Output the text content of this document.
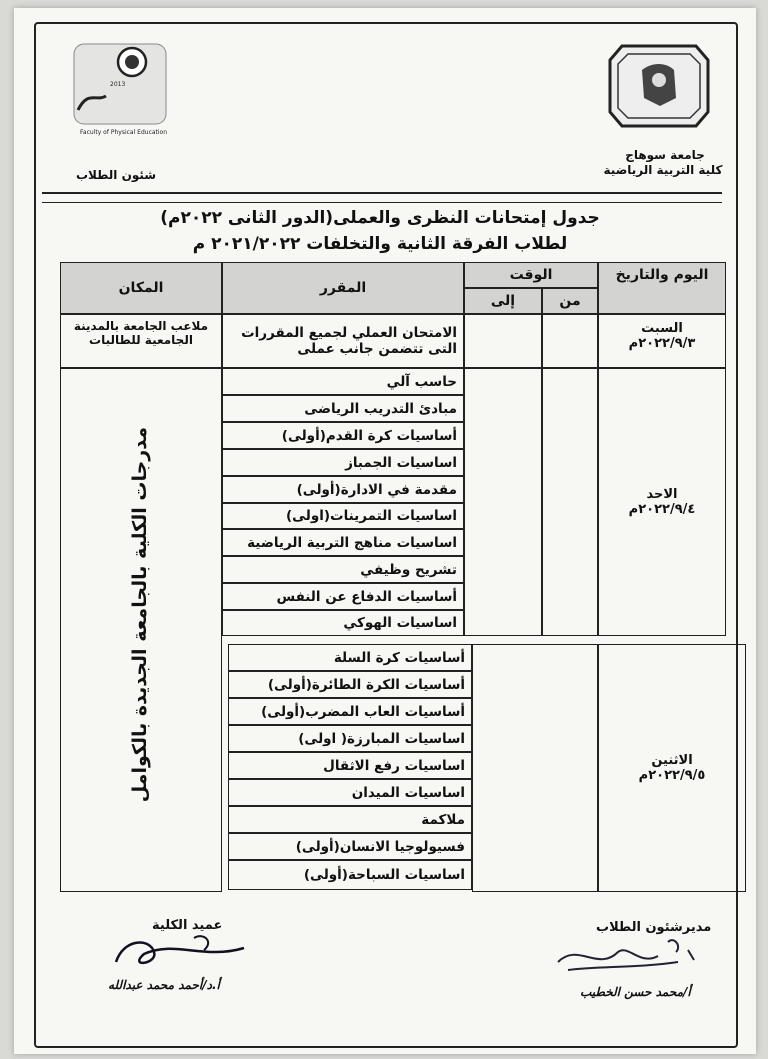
Faculty of Physical Education
2013
جامعة سوهاج
كلية التربية الرياضية
شئون الطلاب
جدول إمتحانات النظرى والعملى(الدور الثانى ٢٠٢٢م)
لطلاب الفرقة الثانية والتخلفات ٢٠٢١/٢٠٢٢ م
اليوم والتاريخ
الوقت
من
إلى
المقرر
المكان
السبت
٢٠٢٢/٩/٣م
الامتحان العملي لجميع المقررات
التى تتضمن جانب عملى
ملاعب الجامعة بالمدينة
الجامعية للطالبات
الاحد
٢٠٢٢/٩/٤م
حاسب آلي
مبادئ التدريب الرياضى
أساسيات كرة القدم(أولى)
اساسيات الجمباز
مقدمة في الادارة(أولى)
اساسيات التمرينات(اولى)
اساسيات مناهج التربية الرياضية
تشريح وظيفي
أساسيات الدفاع عن النفس
اساسيات الهوكي
الاثنين
٢٠٢٢/٩/٥م
أساسيات كرة السلة
أساسيات الكرة الطائرة(أولى)
أساسيات العاب المضرب(أولى)
اساسيات المبارزة( اولى)
اساسيات رفع الاثقال
اساسيات الميدان
ملاكمة
فسيولوجيا الانسان(أولى)
اساسيات السباحة(أولى)
مدرجات الكلية بالجامعة الجديدة بالكوامل
مديرشئون الطلاب
أ/محمد حسن الخطيب
عميد الكلية
أ.د/أحمد محمد عبدالله
